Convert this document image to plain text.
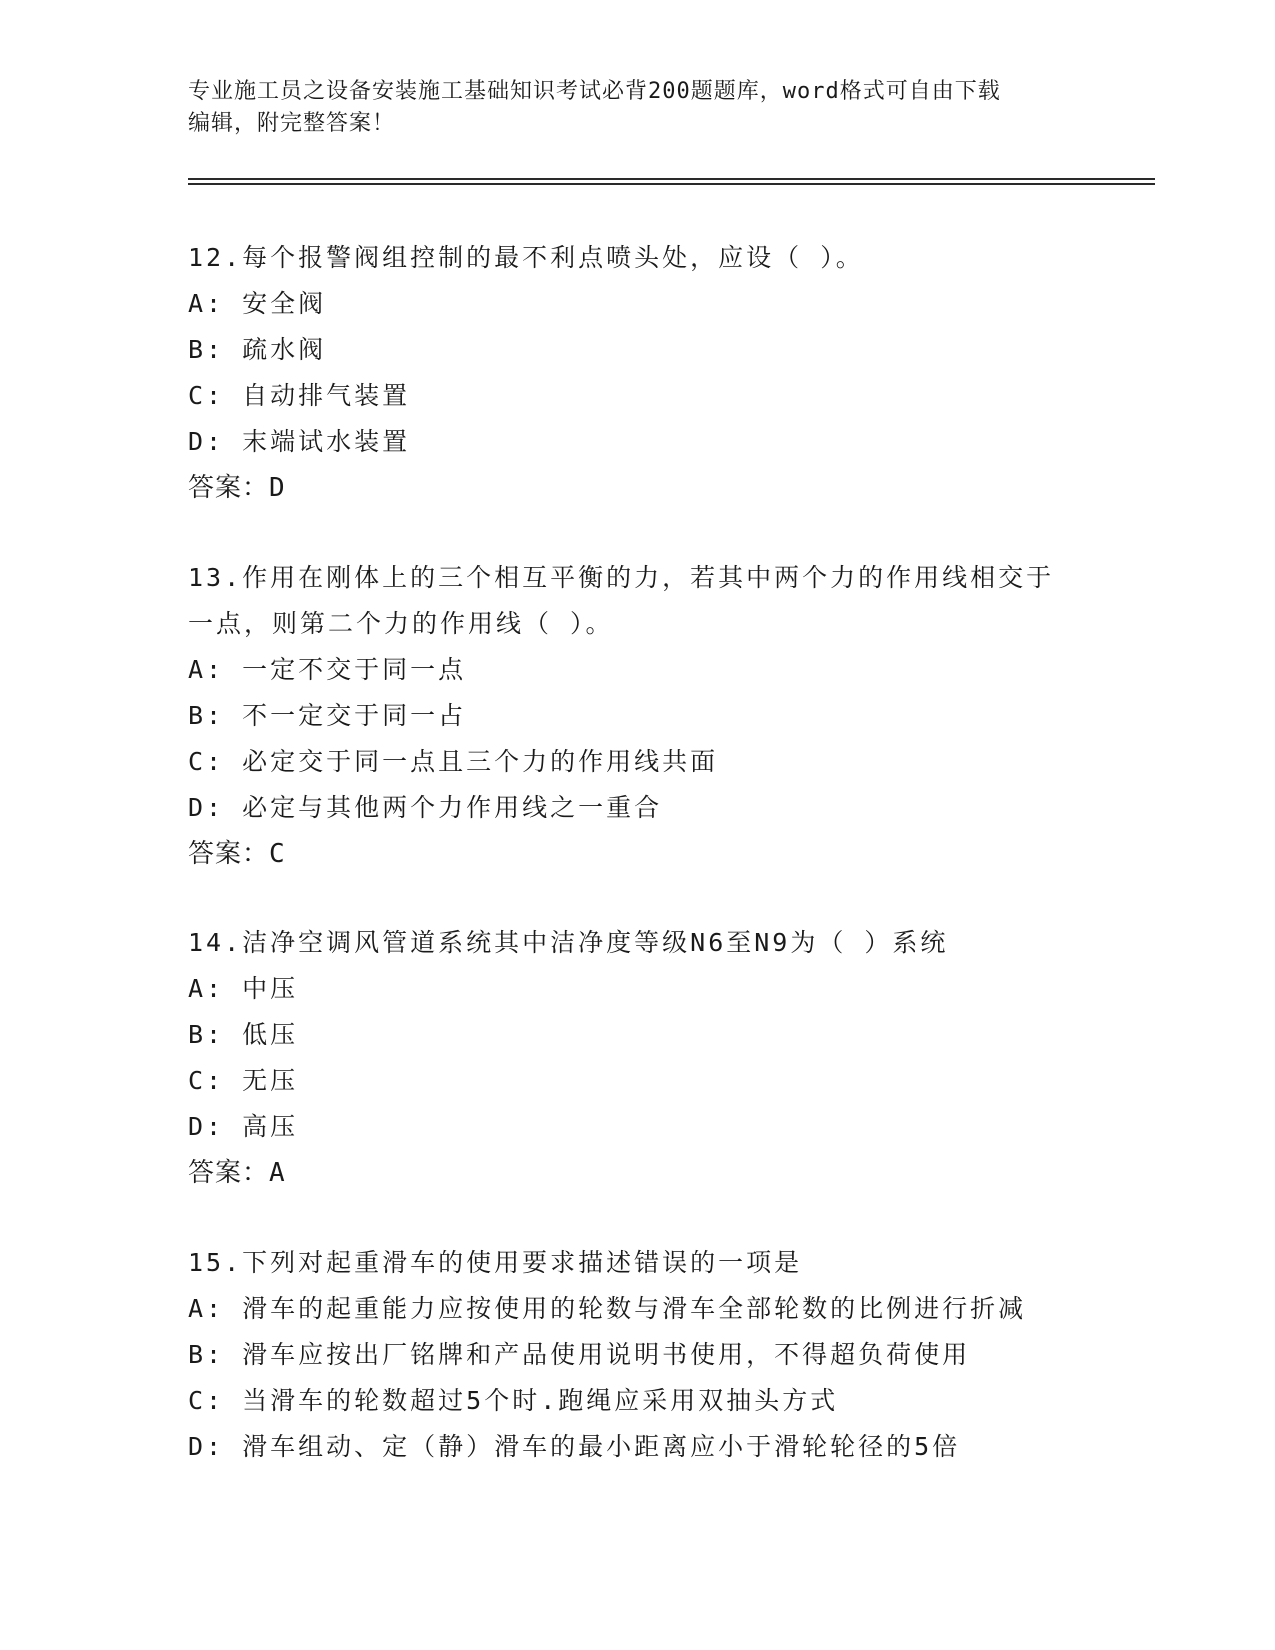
专业施工员之设备安装施工基础知识考试必背200题题库，word格式可自由下载
编辑，附完整答案！
12.每个报警阀组控制的最不利点喷头处，应设（ ）。
A: 安全阀
B: 疏水阀
C: 自动排气装置
D: 末端试水装置
答案：D
13.作用在刚体上的三个相互平衡的力，若其中两个力的作用线相交于
一点，则第二个力的作用线（ ）。
A: 一定不交于同一点
B: 不一定交于同一占
C: 必定交于同一点且三个力的作用线共面
D: 必定与其他两个力作用线之一重合
答案：C
14.洁净空调风管道系统其中洁净度等级N6至N9为（ ）系统
A: 中压
B: 低压
C: 无压
D: 高压
答案：A
15.下列对起重滑车的使用要求描述错误的一项是
A: 滑车的起重能力应按使用的轮数与滑车全部轮数的比例进行折减
B: 滑车应按出厂铭牌和产品使用说明书使用，不得超负荷使用
C: 当滑车的轮数超过5个时.跑绳应采用双抽头方式
D: 滑车组动、定（静）滑车的最小距离应小于滑轮轮径的5倍
